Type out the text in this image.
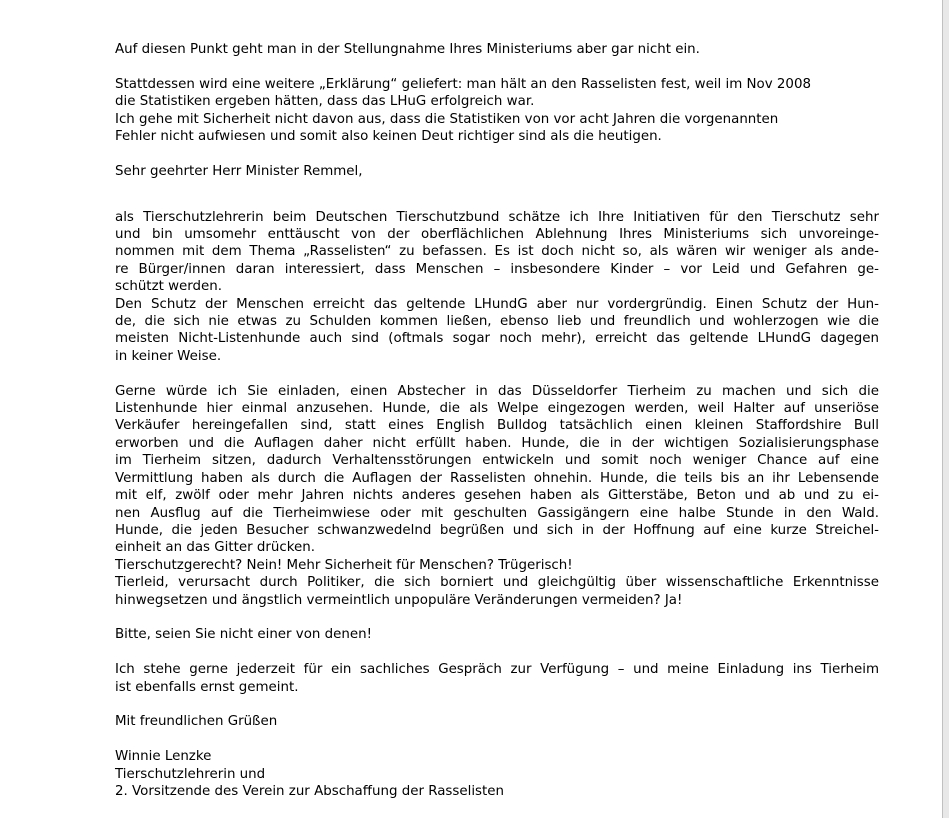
Auf diesen Punkt geht man in der Stellungnahme Ihres Ministeriums aber gar nicht ein.
Stattdessen wird eine weitere „Erklärung“ geliefert: man hält an den Rasselisten fest, weil im Nov 2008
die Statistiken ergeben hätten, dass das LHuG erfolgreich war.
Ich gehe mit Sicherheit nicht davon aus, dass die Statistiken von vor acht Jahren die vorgenannten
Fehler nicht aufwiesen und somit also keinen Deut richtiger sind als die heutigen.
Sehr geehrter Herr Minister Remmel,
als Tierschutzlehrerin beim Deutschen Tierschutzbund schätze ich Ihre Initiativen für den Tierschutz sehr
und bin umsomehr enttäuscht von der oberflächlichen Ablehnung Ihres Ministeriums sich unvoreinge-
nommen mit dem Thema „Rasselisten“ zu befassen. Es ist doch nicht so, als wären wir weniger als ande-
re Bürger/innen daran interessiert, dass Menschen – insbesondere Kinder – vor Leid und Gefahren ge-
schützt werden.
Den Schutz der Menschen erreicht das geltende LHundG aber nur vordergründig. Einen Schutz der Hun-
de, die sich nie etwas zu Schulden kommen ließen, ebenso lieb und freundlich und wohlerzogen wie die
meisten Nicht-Listenhunde auch sind (oftmals sogar noch mehr), erreicht das geltende LHundG dagegen
in keiner Weise.
Gerne würde ich Sie einladen, einen Abstecher in das Düsseldorfer Tierheim zu machen und sich die
Listenhunde hier einmal anzusehen. Hunde, die als Welpe eingezogen werden, weil Halter auf unseriöse
Verkäufer hereingefallen sind, statt eines English Bulldog tatsächlich einen kleinen Staffordshire Bull
erworben und die Auflagen daher nicht erfüllt haben. Hunde, die in der wichtigen Sozialisierungsphase
im Tierheim sitzen, dadurch Verhaltensstörungen entwickeln und somit noch weniger Chance auf eine
Vermittlung haben als durch die Auflagen der Rasselisten ohnehin. Hunde, die teils bis an ihr Lebensende
mit elf, zwölf oder mehr Jahren nichts anderes gesehen haben als Gitterstäbe, Beton und ab und zu ei-
nen Ausflug auf die Tierheimwiese oder mit geschulten Gassigängern eine halbe Stunde in den Wald.
Hunde, die jeden Besucher schwanzwedelnd begrüßen und sich in der Hoffnung auf eine kurze Streichel-
einheit an das Gitter drücken.
Tierschutzgerecht? Nein! Mehr Sicherheit für Menschen? Trügerisch!
Tierleid, verursacht durch Politiker, die sich borniert und gleichgültig über wissenschaftliche Erkenntnisse
hinwegsetzen und ängstlich vermeintlich unpopuläre Veränderungen vermeiden? Ja!
Bitte, seien Sie nicht einer von denen!
Ich stehe gerne jederzeit für ein sachliches Gespräch zur Verfügung – und meine Einladung ins Tierheim
ist ebenfalls ernst gemeint.
Mit freundlichen Grüßen
Winnie Lenzke
Tierschutzlehrerin und
2. Vorsitzende des Verein zur Abschaffung der Rasselisten
